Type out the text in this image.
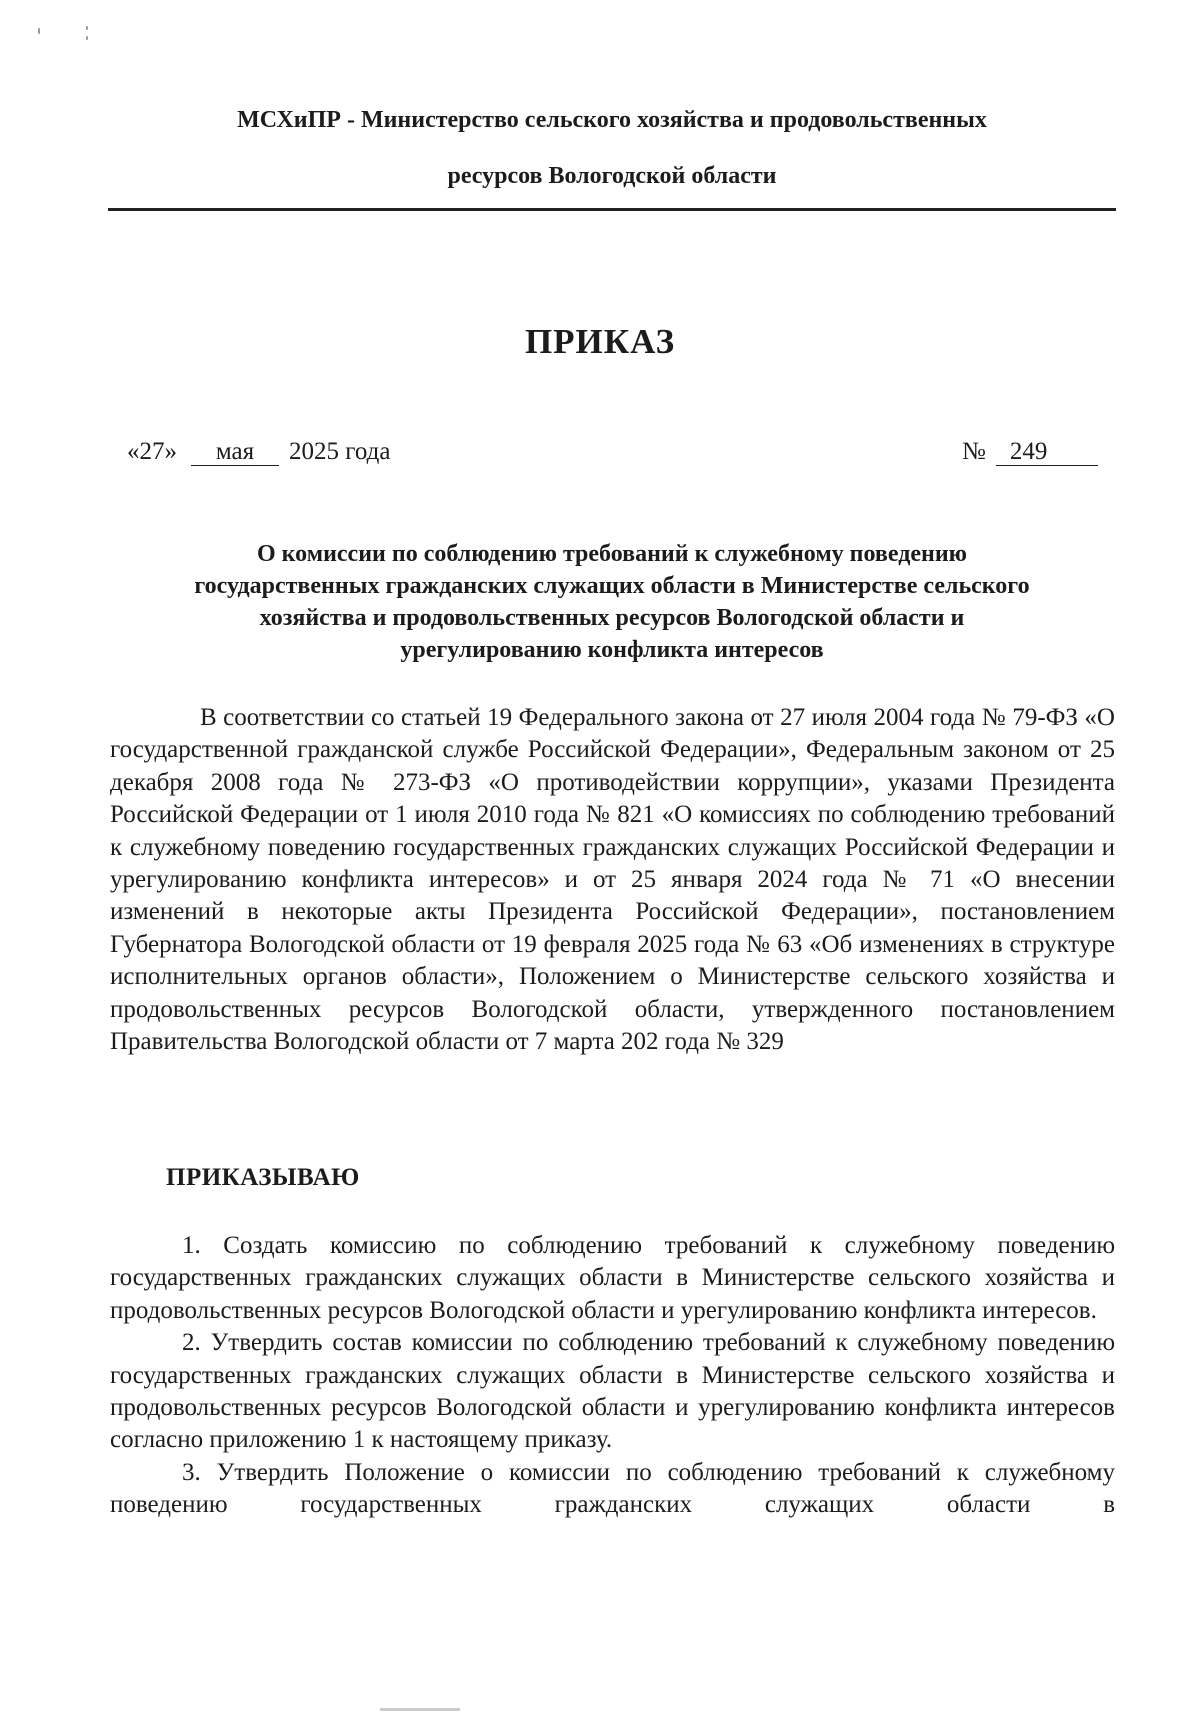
МСХиПР - Министерство сельского хозяйства и продовольственных
ресурсов Вологодской области
ПРИКАЗ
«27» мая 2025 года	№ 249
О комиссии по соблюдению требований к служебному поведению
государственных гражданских служащих области в Министерстве сельского
хозяйства и продовольственных ресурсов Вологодской области и
урегулированию конфликта интересов

В соответствии со статьей 19 Федерального закона от 27 июля 2004 года № 79-ФЗ «О государственной гражданской службе Российской Федерации», Федеральным законом от 25 декабря 2008 года № 273-ФЗ «О противодействии коррупции», указами Президента Российской Федерации от 1 июля 2010 года № 821 «О комиссиях по соблюдению требований к служебному поведению государственных гражданских служащих Российской Федерации и урегулированию конфликта интересов» и от 25 января 2024 года № 71 «О внесении изменений в некоторые акты Президента Российской Федерации», постановлением Губернатора Вологодской области от 19 февраля 2025 года № 63 «Об изменениях в структуре исполнительных органов области», Положением о Министерстве сельского хозяйства и продовольственных ресурсов Вологодской области, утвержденного постановлением Правительства Вологодской области от 7 марта 202 года № 329

ПРИКАЗЫВАЮ

1. Создать комиссию по соблюдению требований к служебному поведению государственных гражданских служащих области в Министерстве сельского хозяйства и продовольственных ресурсов Вологодской области и урегулированию конфликта интересов.

2. Утвердить состав комиссии по соблюдению требований к служебному поведению государственных гражданских служащих области в Министерстве сельского хозяйства и продовольственных ресурсов Вологодской области и урегулированию конфликта интересов согласно приложению 1 к настоящему приказу.

3. Утвердить Положение о комиссии по соблюдению требований к служебному поведению государственных гражданских служащих области в
